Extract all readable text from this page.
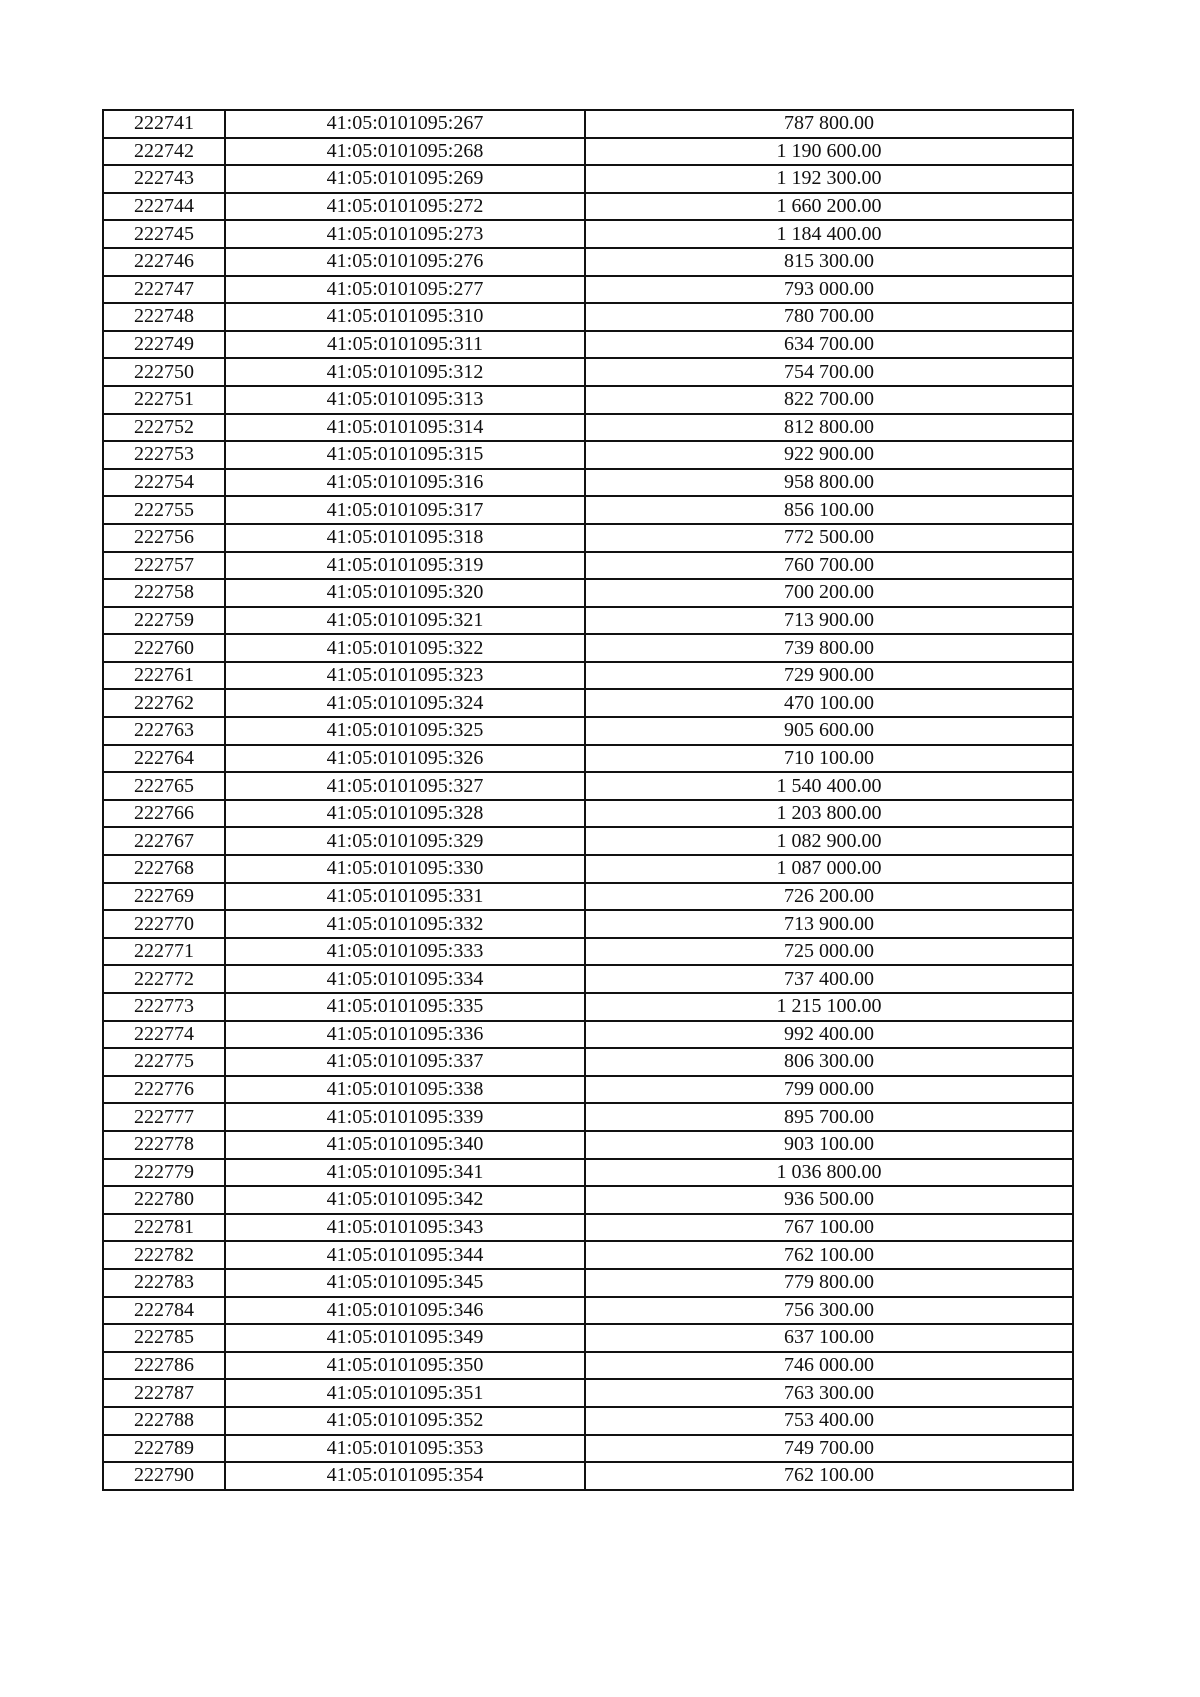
222741	41:05:0101095:267	787 800.00
222742	41:05:0101095:268	1 190 600.00
222743	41:05:0101095:269	1 192 300.00
222744	41:05:0101095:272	1 660 200.00
222745	41:05:0101095:273	1 184 400.00
222746	41:05:0101095:276	815 300.00
222747	41:05:0101095:277	793 000.00
222748	41:05:0101095:310	780 700.00
222749	41:05:0101095:311	634 700.00
222750	41:05:0101095:312	754 700.00
222751	41:05:0101095:313	822 700.00
222752	41:05:0101095:314	812 800.00
222753	41:05:0101095:315	922 900.00
222754	41:05:0101095:316	958 800.00
222755	41:05:0101095:317	856 100.00
222756	41:05:0101095:318	772 500.00
222757	41:05:0101095:319	760 700.00
222758	41:05:0101095:320	700 200.00
222759	41:05:0101095:321	713 900.00
222760	41:05:0101095:322	739 800.00
222761	41:05:0101095:323	729 900.00
222762	41:05:0101095:324	470 100.00
222763	41:05:0101095:325	905 600.00
222764	41:05:0101095:326	710 100.00
222765	41:05:0101095:327	1 540 400.00
222766	41:05:0101095:328	1 203 800.00
222767	41:05:0101095:329	1 082 900.00
222768	41:05:0101095:330	1 087 000.00
222769	41:05:0101095:331	726 200.00
222770	41:05:0101095:332	713 900.00
222771	41:05:0101095:333	725 000.00
222772	41:05:0101095:334	737 400.00
222773	41:05:0101095:335	1 215 100.00
222774	41:05:0101095:336	992 400.00
222775	41:05:0101095:337	806 300.00
222776	41:05:0101095:338	799 000.00
222777	41:05:0101095:339	895 700.00
222778	41:05:0101095:340	903 100.00
222779	41:05:0101095:341	1 036 800.00
222780	41:05:0101095:342	936 500.00
222781	41:05:0101095:343	767 100.00
222782	41:05:0101095:344	762 100.00
222783	41:05:0101095:345	779 800.00
222784	41:05:0101095:346	756 300.00
222785	41:05:0101095:349	637 100.00
222786	41:05:0101095:350	746 000.00
222787	41:05:0101095:351	763 300.00
222788	41:05:0101095:352	753 400.00
222789	41:05:0101095:353	749 700.00
222790	41:05:0101095:354	762 100.00
